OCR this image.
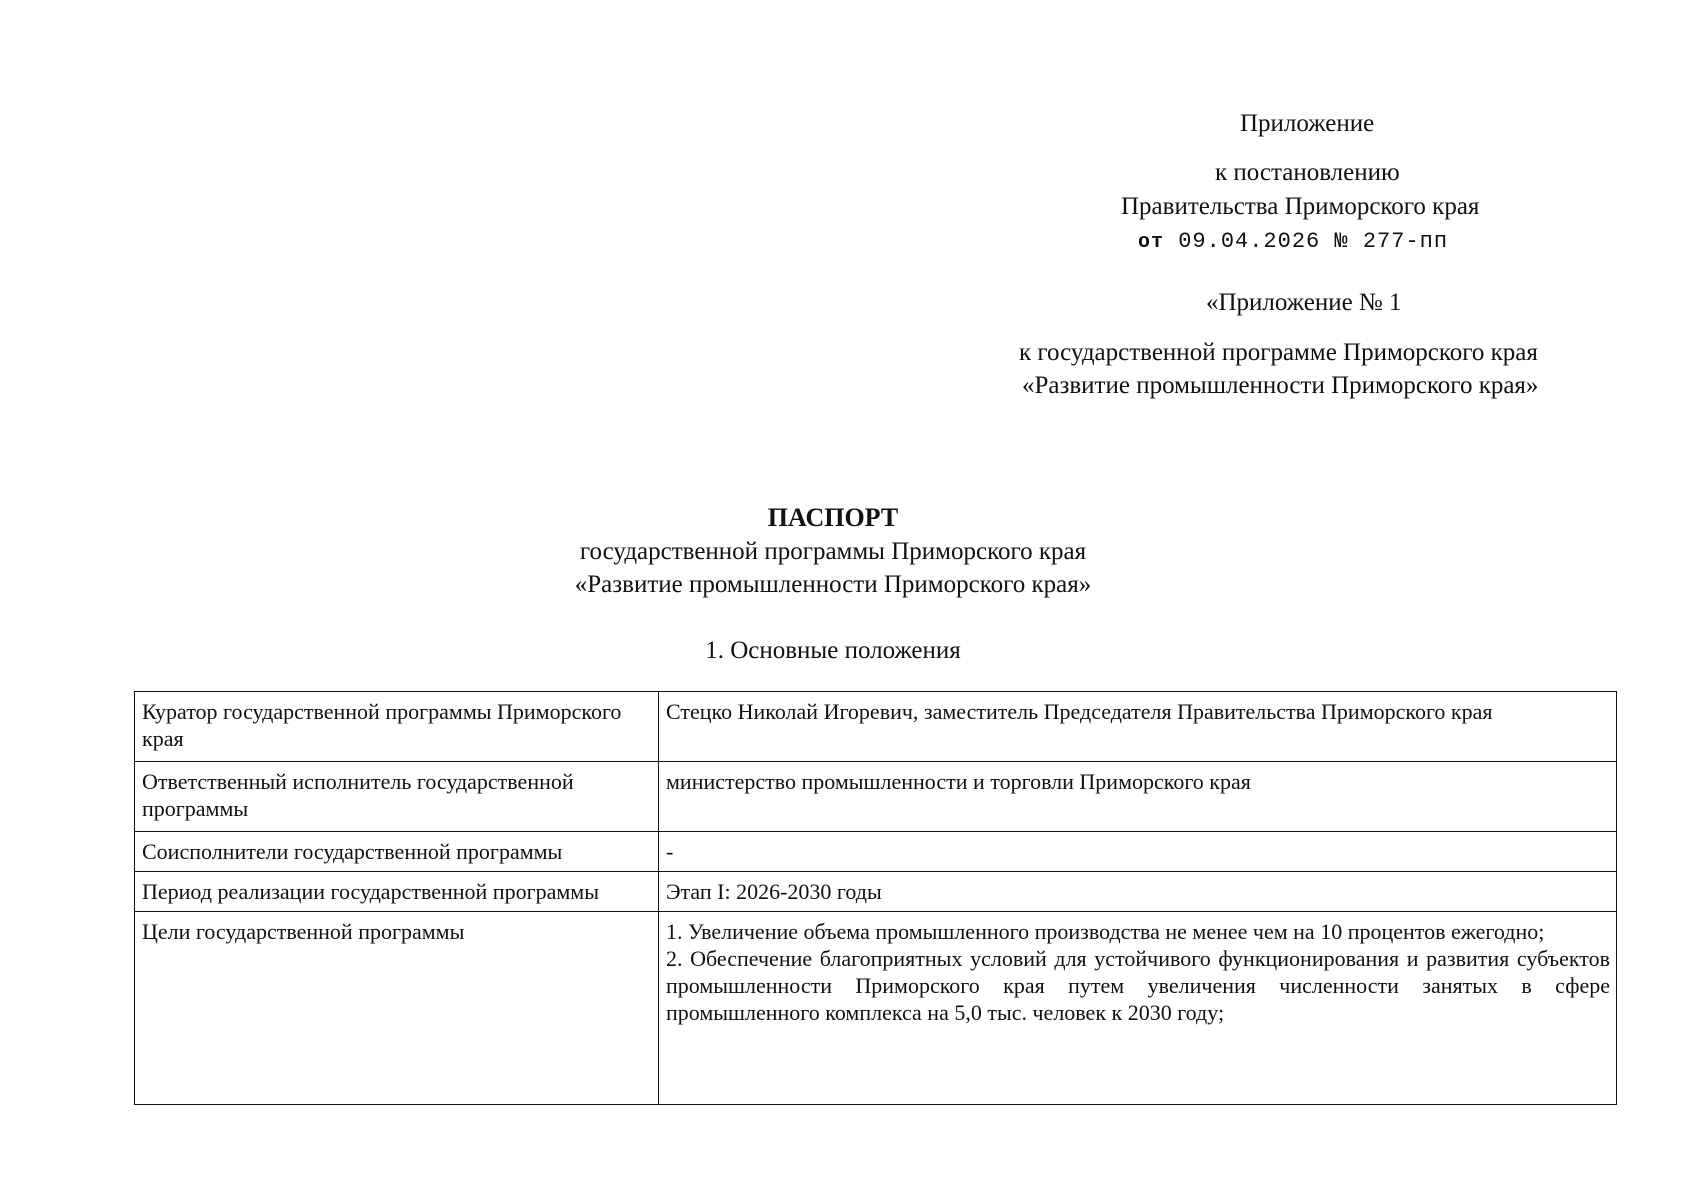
Приложение
к постановлению
Правительства Приморского края
от 09.04.2026 № 277-пп
«Приложение № 1
к государственной программе Приморского края
«Развитие промышленности Приморского края»
ПАСПОРТ
государственной программы Приморского края
«Развитие промышленности Приморского края»
1. Основные положения
Куратор государственной программы Приморского края	Стецко Николай Игоревич, заместитель Председателя Правительства Приморского края
Ответственный исполнитель государственной программы	министерство промышленности и торговли Приморского края
Соисполнители государственной программы	-
Период реализации государственной программы	Этап I: 2026-2030 годы
Цели государственной программы	1. Увеличение объема промышленного производства не менее чем на 10 процентов ежегодно;
2. Обеспечение благоприятных условий для устойчивого функционирования и развития субъектов промышленности Приморского края путем увеличения численности занятых в сфере промышленного комплекса на 5,0 тыс. человек к 2030 году;
